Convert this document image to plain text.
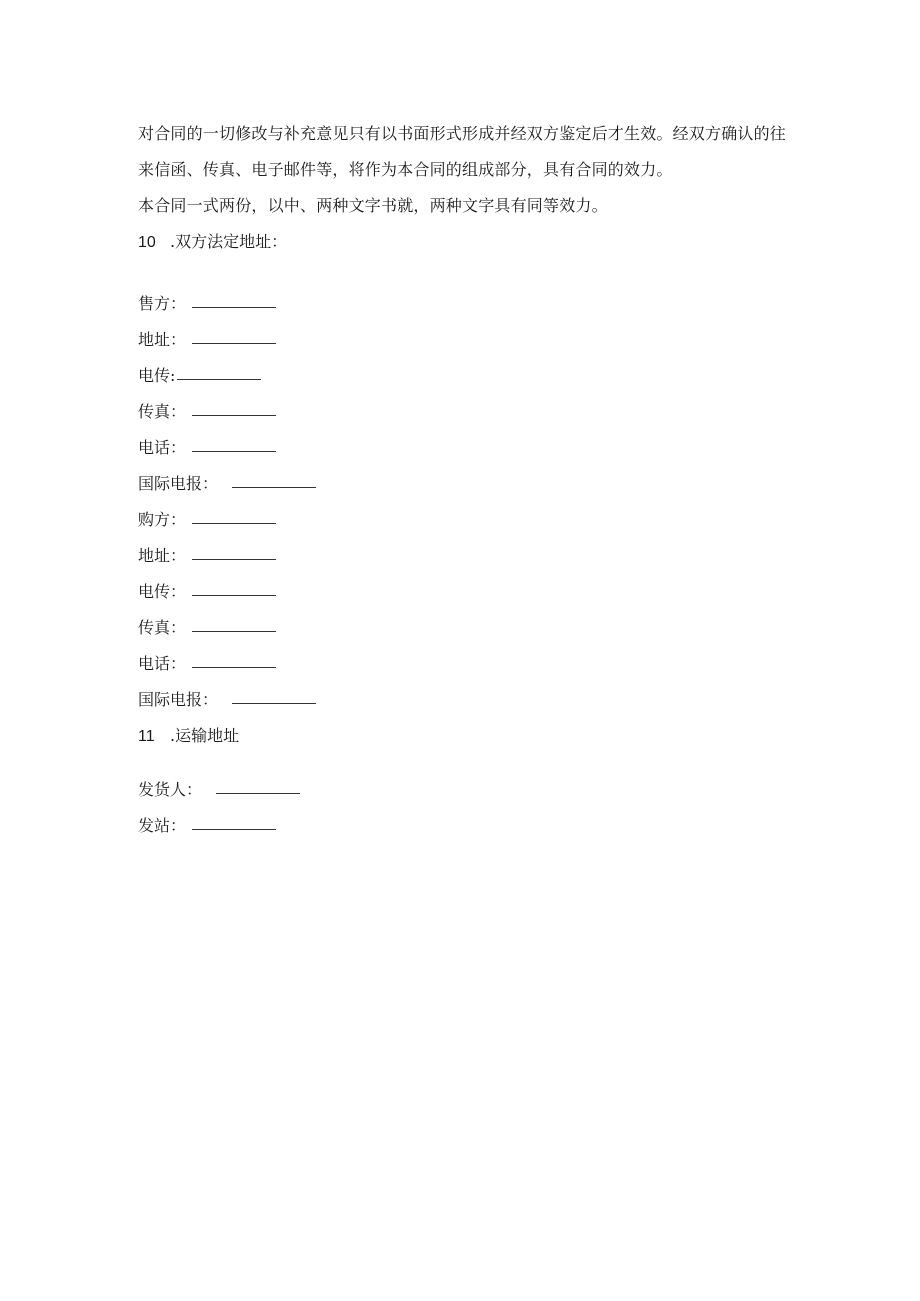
对合同的一切修改与补充意见只有以书面形式形成并经双方鉴定后才生效。经双方确认的往来信函、传真、电子邮件等，将作为本合同的组成部分，具有合同的效力。

本合同一式两份，以中、两种文字书就，两种文字具有同等效力。

10 .双方法定地址：
售方：
地址：
电传:
传真：
电话：
国际电报：
购方：
地址：
电传：
传真：
电话：
国际电报：
11 .运输地址
发货人：
发站：
